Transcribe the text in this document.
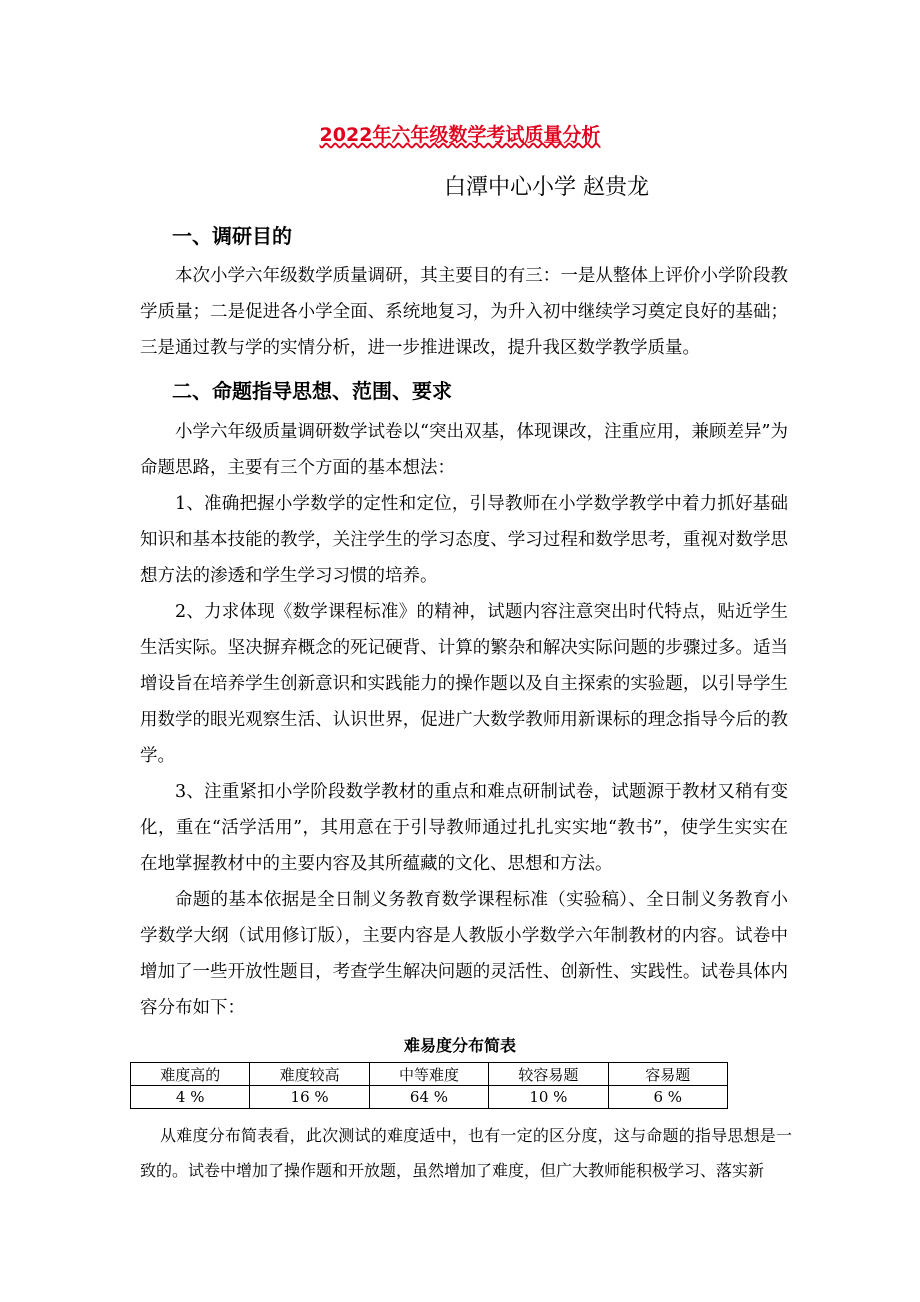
2022年六年级数学考试质量分析
白潭中心小学 赵贵龙
一、调研目的
本次小学六年级数学质量调研，其主要目的有三：一是从整体上评价小学阶段教学质量；二是促进各小学全面、系统地复习，为升入初中继续学习奠定良好的基础；三是通过教与学的实情分析，进一步推进课改，提升我区数学教学质量。
二、命题指导思想、范围、要求
小学六年级质量调研数学试卷以“突出双基，体现课改，注重应用，兼顾差异”为命题思路，主要有三个方面的基本想法：
1、准确把握小学数学的定性和定位，引导教师在小学数学教学中着力抓好基础知识和基本技能的教学，关注学生的学习态度、学习过程和数学思考，重视对数学思想方法的渗透和学生学习习惯的培养。
2、力求体现《数学课程标准》的精神，试题内容注意突出时代特点，贴近学生生活实际。坚决摒弃概念的死记硬背、计算的繁杂和解决实际问题的步骤过多。适当增设旨在培养学生创新意识和实践能力的操作题以及自主探索的实验题，以引导学生用数学的眼光观察生活、认识世界，促进广大数学教师用新课标的理念指导今后的教学。
3、注重紧扣小学阶段数学教材的重点和难点研制试卷，试题源于教材又稍有变化，重在“活学活用”，其用意在于引导教师通过扎扎实实地“教书”，使学生实实在在地掌握教材中的主要内容及其所蕴藏的文化、思想和方法。
命题的基本依据是全日制义务教育数学课程标准（实验稿）、全日制义务教育小学数学大纲（试用修订版），主要内容是人教版小学数学六年制教材的内容。试卷中增加了一些开放性题目，考查学生解决问题的灵活性、创新性、实践性。试卷具体内容分布如下：
难易度分布简表
难度高的	难度较高	中等难度	较容易题	容易题
4 %	16 %	64 %	10 %	6 %
从难度分布简表看，此次测试的难度适中，也有一定的区分度，这与命题的指导思想是一致的。试卷中增加了操作题和开放题，虽然增加了难度，但广大教师能积极学习、落实新
